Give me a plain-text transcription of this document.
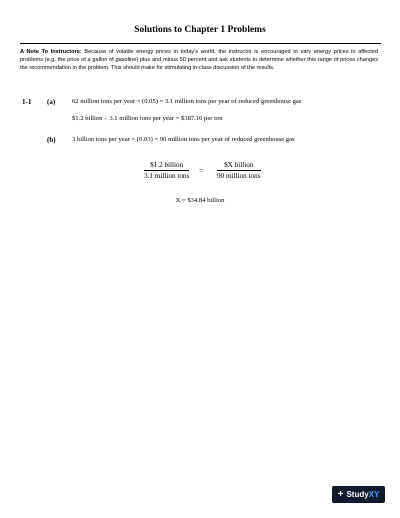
Solutions to Chapter 1 Problems
A Note To Instructors: Because of volatile energy prices in today's world, the instructor is encouraged to vary energy prices in affected problems (e.g. the price of a gallon of gasoline) plus and minus 50 percent and ask students to determine whether this range of prices changes the recommendation in the problem. This should make for stimulating in-class discussion of the results.
1-1 (a)	62 million tons per year × (0.05) = 3.1 million tons per year of reduced greenhouse gas
$1.2 billion ÷ 3.1 million tons per year = $387.10 per ton
(b) 3 billion tons per year × (0.03) = 90 million tons per year of reduced greenhouse gas
$1.2 billion
3.1 million tons
=
$X billion
90 million tons
X = $34.84 billion
+ Study XY
